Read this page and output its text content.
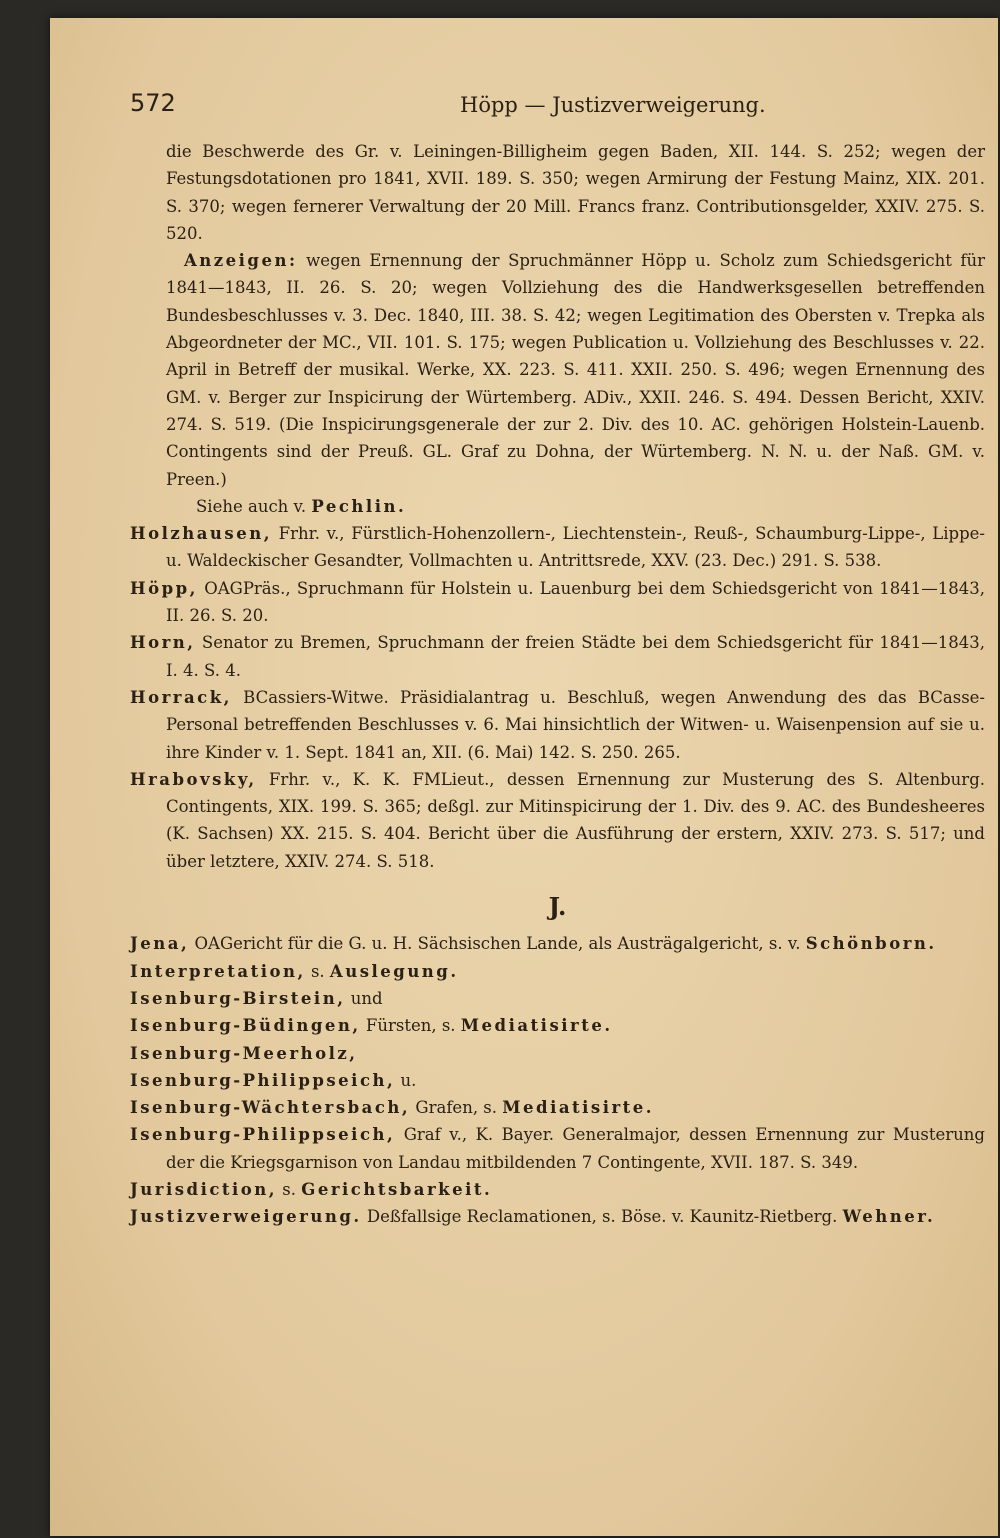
572	Höpp — Justizverweigerung.

die Beschwerde des Gr. v. Leiningen-Billigheim gegen Baden, XII. 144. S. 252; wegen der Festungsdotationen pro 1841, XVII. 189. S. 350; wegen Armirung der Festung Mainz, XIX. 201. S. 370; wegen fernerer Verwaltung der 20 Mill. Francs franz. Contributionsgelder, XXIV. 275. S. 520.

Anzeigen: wegen Ernennung der Spruchmänner Höpp u. Scholz zum Schiedsgericht für 1841—1843, II. 26. S. 20; wegen Vollziehung des die Handwerksgesellen betreffenden Bundesbeschlusses v. 3. Dec. 1840, III. 38. S. 42; wegen Legitimation des Obersten v. Trepka als Abgeordneter der MC., VII. 101. S. 175; wegen Publication u. Vollziehung des Beschlusses v. 22. April in Betreff der musikal. Werke, XX. 223. S. 411. XXII. 250. S. 496; wegen Ernennung des GM. v. Berger zur Inspicirung der Würtemberg. ADiv., XXII. 246. S. 494. Dessen Bericht, XXIV. 274. S. 519. (Die Inspicirungsgenerale der zur 2. Div. des 10. AC. gehörigen Holstein-Lauenb. Contingents sind der Preuß. GL. Graf zu Dohna, der Würtemberg. N. N. u. der Naß. GM. v. Preen.)

Siehe auch v. Pechlin.

Holzhausen, Frhr. v., Fürstlich-Hohenzollern-, Liechtenstein-, Reuß-, Schaumburg-Lippe-, Lippe- u. Waldeckischer Gesandter, Vollmachten u. Antrittsrede, XXV. (23. Dec.) 291. S. 538.

Höpp, OAGPräs., Spruchmann für Holstein u. Lauenburg bei dem Schiedsgericht von 1841—1843, II. 26. S. 20.

Horn, Senator zu Bremen, Spruchmann der freien Städte bei dem Schiedsgericht für 1841—1843, I. 4. S. 4.

Horrack, BCassiers-Witwe. Präsidialantrag u. Beschluß, wegen Anwendung des das BCasse-Personal betreffenden Beschlusses v. 6. Mai hinsichtlich der Witwen- u. Waisenpension auf sie u. ihre Kinder v. 1. Sept. 1841 an, XII. (6. Mai) 142. S. 250. 265.

Hrabovsky, Frhr. v., K. K. FMLieut., dessen Ernennung zur Musterung des S. Altenburg. Contingents, XIX. 199. S. 365; deßgl. zur Mitinspicirung der 1. Div. des 9. AC. des Bundesheeres (K. Sachsen) XX. 215. S. 404. Bericht über die Ausführung der erstern, XXIV. 273. S. 517; und über letztere, XXIV. 274. S. 518.

J.

Jena, OAGericht für die G. u. H. Sächsischen Lande, als Austrägalgericht, s. v. Schönborn.

Interpretation, s. Auslegung.

Isenburg-Birstein, und

Isenburg-Büdingen, Fürsten, s. Mediatisirte.

Isenburg-Meerholz,

Isenburg-Philippseich, u.

Isenburg-Wächtersbach, Grafen, s. Mediatisirte.

Isenburg-Philippseich, Graf v., K. Bayer. Generalmajor, dessen Ernennung zur Musterung der die Kriegsgarnison von Landau mitbildenden 7 Contingente, XVII. 187. S. 349.

Jurisdiction, s. Gerichtsbarkeit.

Justizverweigerung. Deßfallsige Reclamationen, s. Böse. v. Kaunitz-Rietberg. Wehner.
